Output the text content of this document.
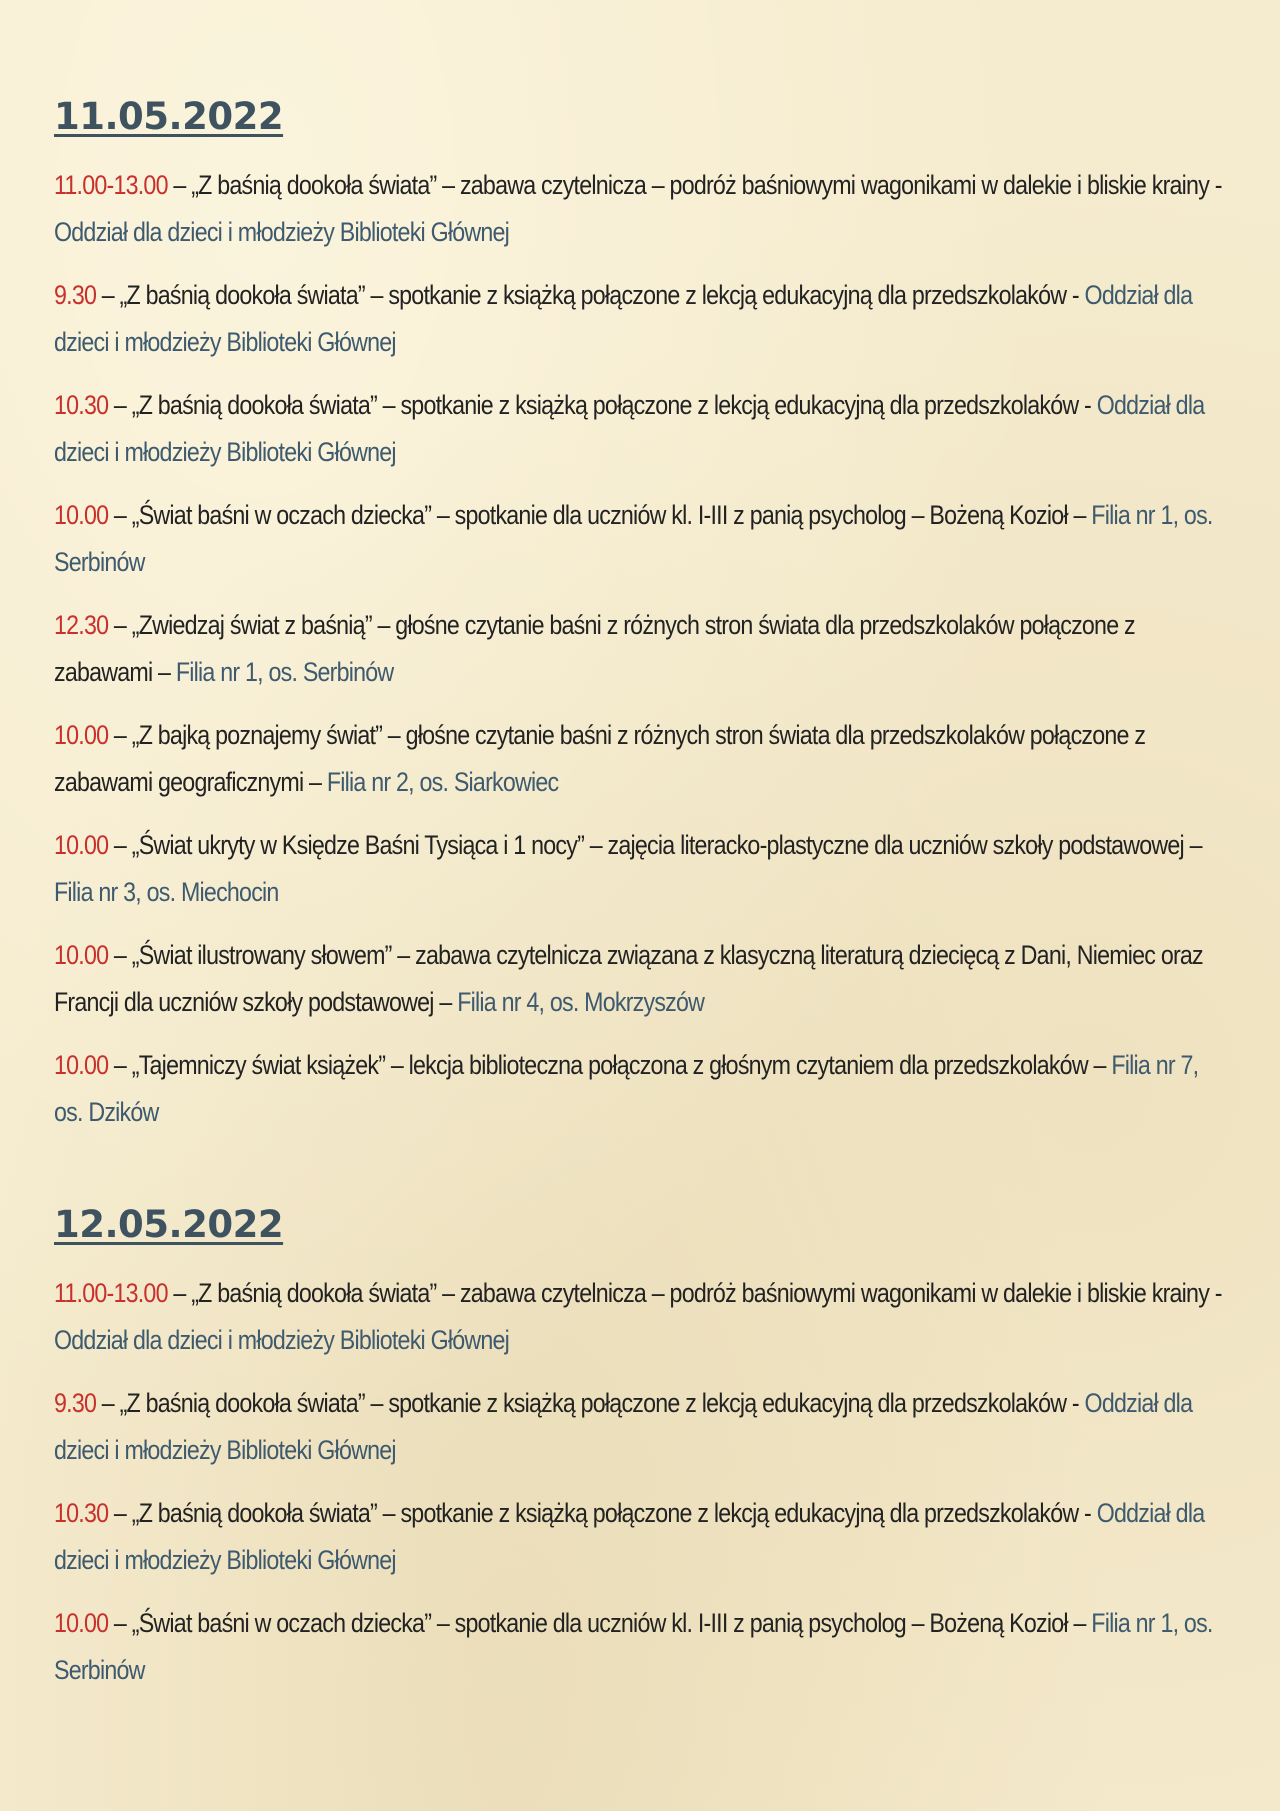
11.05.2022
11.00-13.00 – „Z baśnią dookoła świata” – zabawa czytelnicza – podróż baśniowymi wagonikami w dalekie i bliskie krainy - Oddział dla dzieci i młodzieży Biblioteki Głównej
9.30 – „Z baśnią dookoła świata” – spotkanie z książką połączone z lekcją edukacyjną dla przedszkolaków - Oddział dla dzieci i młodzieży Biblioteki Głównej
10.30 – „Z baśnią dookoła świata” – spotkanie z książką połączone z lekcją edukacyjną dla przedszkolaków - Oddział dla dzieci i młodzieży Biblioteki Głównej
10.00 – „Świat baśni w oczach dziecka” – spotkanie dla uczniów kl. I-III z panią psycholog – Bożeną Kozioł – Filia nr 1, os. Serbinów
12.30 – „Zwiedzaj świat z baśnią” – głośne czytanie baśni z różnych stron świata dla przedszkolaków połączone z zabawami – Filia nr 1, os. Serbinów
10.00 – „Z bajką poznajemy świat” – głośne czytanie baśni z różnych stron świata dla przedszkolaków połączone z zabawami geograficznymi – Filia nr 2, os. Siarkowiec
10.00 – „Świat ukryty w Księdze Baśni Tysiąca i 1 nocy” – zajęcia literacko-plastyczne dla uczniów szkoły podstawowej – Filia nr 3, os. Miechocin
10.00 – „Świat ilustrowany słowem” – zabawa czytelnicza związana z klasyczną literaturą dziecięcą z Dani, Niemiec oraz Francji dla uczniów szkoły podstawowej – Filia nr 4, os. Mokrzyszów
10.00 – „Tajemniczy świat książek” – lekcja biblioteczna połączona z głośnym czytaniem dla przedszkolaków – Filia nr 7, os. Dzików
12.05.2022
11.00-13.00 – „Z baśnią dookoła świata” – zabawa czytelnicza – podróż baśniowymi wagonikami w dalekie i bliskie krainy - Oddział dla dzieci i młodzieży Biblioteki Głównej
9.30 – „Z baśnią dookoła świata” – spotkanie z książką połączone z lekcją edukacyjną dla przedszkolaków - Oddział dla dzieci i młodzieży Biblioteki Głównej
10.30 – „Z baśnią dookoła świata” – spotkanie z książką połączone z lekcją edukacyjną dla przedszkolaków - Oddział dla dzieci i młodzieży Biblioteki Głównej
10.00 – „Świat baśni w oczach dziecka” – spotkanie dla uczniów kl. I-III z panią psycholog – Bożeną Kozioł – Filia nr 1, os. Serbinów
